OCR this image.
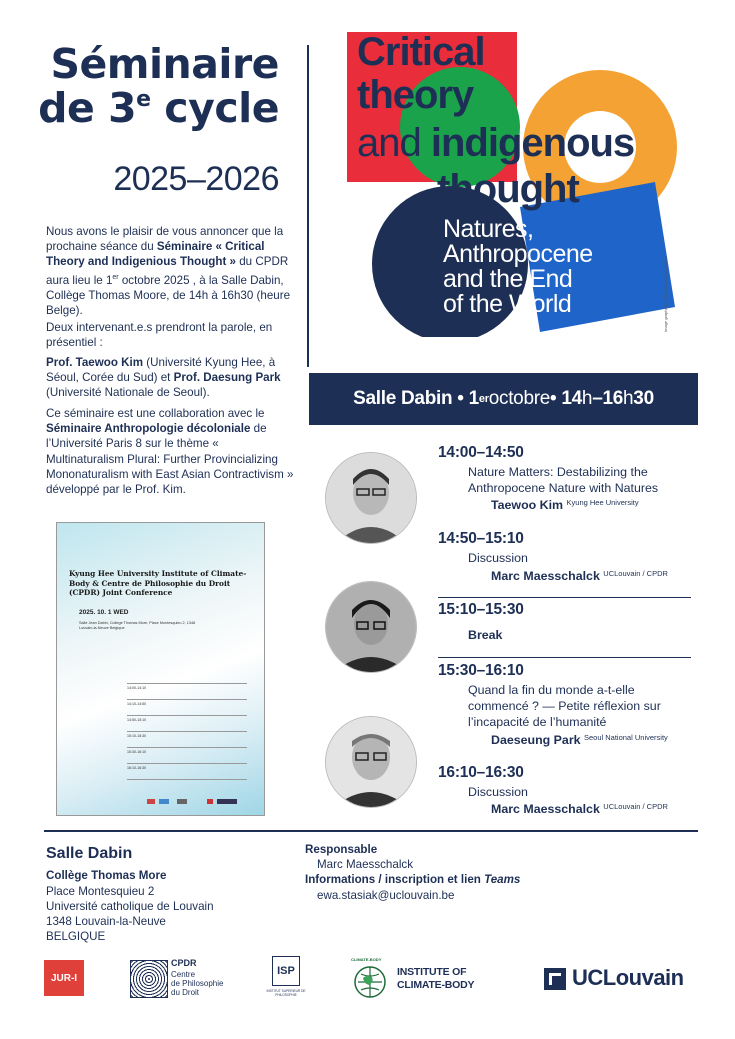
Séminaire
de 3e cycle
2025–2026
Nous avons le plaisir de vous annoncer que la prochaine séance du Séminaire « Critical Theory and Indigenious Thought » du CPDR aura lieu le 1er octobre 2025 , à la Salle Dabin, Collège Thomas Moore, de 14h à 16h30 (heure Belge).
Deux intervenant.e.s prendront la parole, en présentiel :
Prof. Taewoo Kim (Université Kyung Hee, à Séoul, Corée du Sud) et Prof. Daesung Park (Université Nationale de Seoul).
Ce séminaire est une collaboration avec le Séminaire Anthropologie décoloniale de l’Université Paris 8 sur le thème « Multinaturalism Plural: Further Provincializing Mononaturalism with East Asian Contractivism » développé par le Prof. Kim.
Kyung Hee University Institute of Climate-Body & Centre de Philosophie du Droit (CPDR) Joint Conference
2025. 10. 1 WED
Salle Jean Dabin, College Thomas More, Place Montesquieu 2, 1348 Louvain-la-Neuve Belgique
14:00-14:10
14:10-14:50
14:50-15:10
15:10-15:30
15:30-16:10
16:10-16:30
Critical
theory
and indigenous
thought
Natures,
Anthropocene
and the End
of the World	Image graphique: Ollie Aparicio-Verde Rico
Salle Dabin • 1 er octobre • 14 h –16 h 30
14:00–14:50
Nature Matters: Destabilizing the Anthropocene Nature with Natures
Taewoo Kim $^{Kyung Hee University}$
14:50–15:10
Discussion
Marc Maesschalck $^{UCLouvain / CPDR}$
15:10–15:30
Break
15:30–16:10
Quand la fin du monde a-t-elle commencé ? — Petite réflexion sur l’incapacité de l’humanité
Daeseung Park $^{Seoul National University}$
16:10–16:30
Discussion
Marc Maesschalck $^{UCLouvain / CPDR}$
Salle Dabin
Collège Thomas More
Place Montesquieu 2
Université catholique de Louvain
1348 Louvain-la-Neuve
BELGIQUE
Responsable
Marc Maesschalck
Informations / inscription et lien Teams
ewa.stasiak@uclouvain.be
JUR-I
CPDR
Centre
de Philosophie
du Droit
ISP
INSTITUT SUPÉRIEUR DE PHILOSOPHIE
CLIMATE-BODY
INSTITUTE OF
CLIMATE-BODY	UCLouvain
